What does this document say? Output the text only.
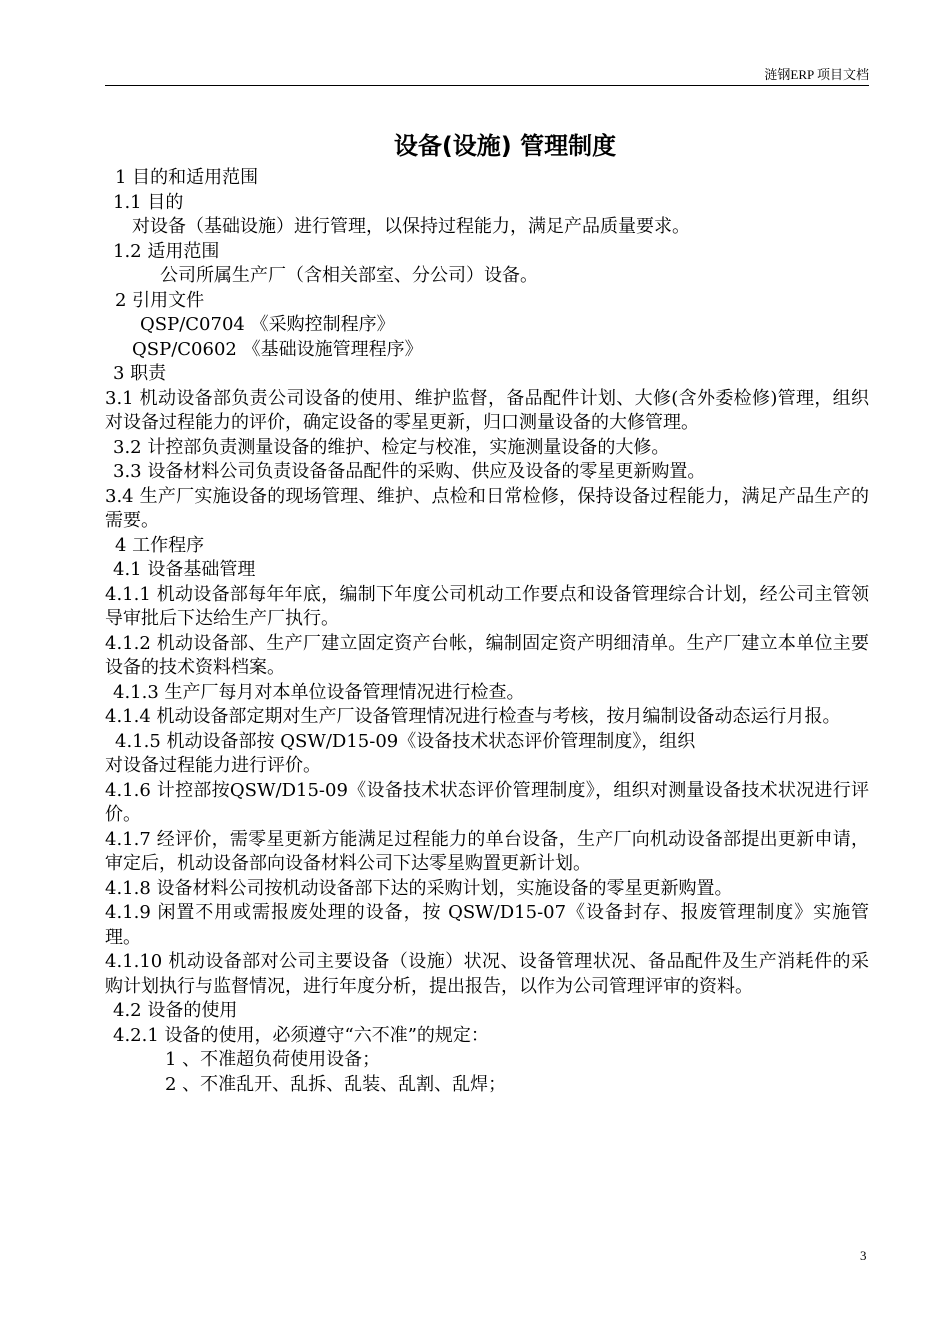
涟钢ERP 项目文档
设备(设施) 管理制度
1 目的和适用范围
1.1 目的
对设备（基础设施）进行管理，以保持过程能力，满足产品质量要求。
1.2 适用范围
公司所属生产厂（含相关部室、分公司）设备。
2 引用文件
QSP/C0704 《采购控制程序》
QSP/C0602 《基础设施管理程序》
3 职责
3.1 机动设备部负责公司设备的使用、维护监督，备品配件计划、大修(含外委检修)管理，组织对设备过程能力的评价，确定设备的零星更新，归口测量设备的大修管理。
3.2 计控部负责测量设备的维护、检定与校准，实施测量设备的大修。
3.3 设备材料公司负责设备备品配件的采购、供应及设备的零星更新购置。
3.4 生产厂实施设备的现场管理、维护、点检和日常检修，保持设备过程能力，满足产品生产的需要。
4 工作程序
4.1 设备基础管理
4.1.1 机动设备部每年年底，编制下年度公司机动工作要点和设备管理综合计划，经公司主管领导审批后下达给生产厂执行。
4.1.2 机动设备部、生产厂建立固定资产台帐，编制固定资产明细清单。生产厂建立本单位主要设备的技术资料档案。
4.1.3 生产厂每月对本单位设备管理情况进行检查。
4.1.4 机动设备部定期对生产厂设备管理情况进行检查与考核，按月编制设备动态运行月报。
4.1.5 机动设备部按 QSW/D15-09《设备技术状态评价管理制度》，组织
对设备过程能力进行评价。
4.1.6 计控部按QSW/D15-09《设备技术状态评价管理制度》，组织对测量设备技术状况进行评价。
4.1.7 经评价，需零星更新方能满足过程能力的单台设备，生产厂向机动设备部提出更新申请，审定后，机动设备部向设备材料公司下达零星购置更新计划。
4.1.8 设备材料公司按机动设备部下达的采购计划，实施设备的零星更新购置。
4.1.9 闲置不用或需报废处理的设备，按 QSW/D15-07《设备封存、报废管理制度》实施管理。
4.1.10 机动设备部对公司主要设备（设施）状况、设备管理状况、备品配件及生产消耗件的采购计划执行与监督情况，进行年度分析，提出报告，以作为公司管理评审的资料。
4.2 设备的使用
4.2.1 设备的使用，必须遵守“六不准”的规定：
1 、不准超负荷使用设备；
2 、不准乱开、乱拆、乱装、乱割、乱焊；
3
